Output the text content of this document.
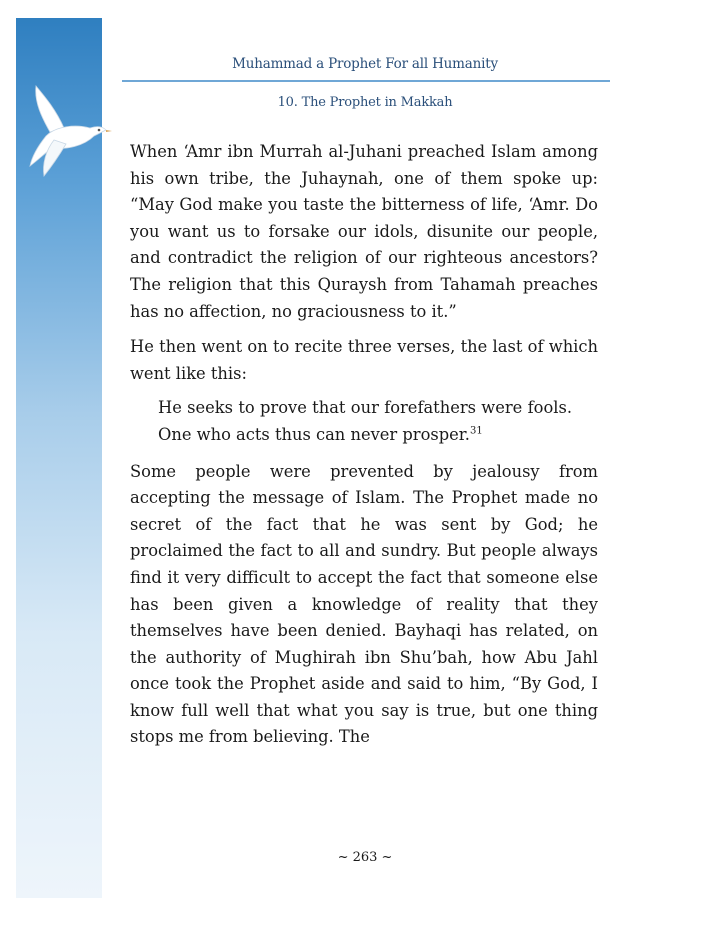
Muhammad a Prophet For all Humanity
10. The Prophet in Makkah

When ‘Amr ibn Murrah al-Juhani preached Islam among his own tribe, the Juhaynah, one of them spoke up: “May God make you taste the bitterness of life, ‘Amr. Do you want us to forsake our idols, disunite our people, and contradict the religion of our righteous ancestors? The religion that this Quraysh from Tahamah preaches has no affection, no graciousness to it.”

He then went on to recite three verses, the last of which went like this:

He seeks to prove that our forefathers were fools. One who acts thus can never prosper.$^{31}$

Some people were prevented by jealousy from accepting the message of Islam. The Prophet made no secret of the fact that he was sent by God; he proclaimed the fact to all and sundry. But people always find it very difficult to accept the fact that someone else has been given a knowledge of reality that they themselves have been denied. Bayhaqi has related, on the authority of Mughirah ibn Shu’bah, how Abu Jahl once took the Prophet aside and said to him, “By God, I know full well that what you say is true, but one thing stops me from believing. The

~ 263 ~
